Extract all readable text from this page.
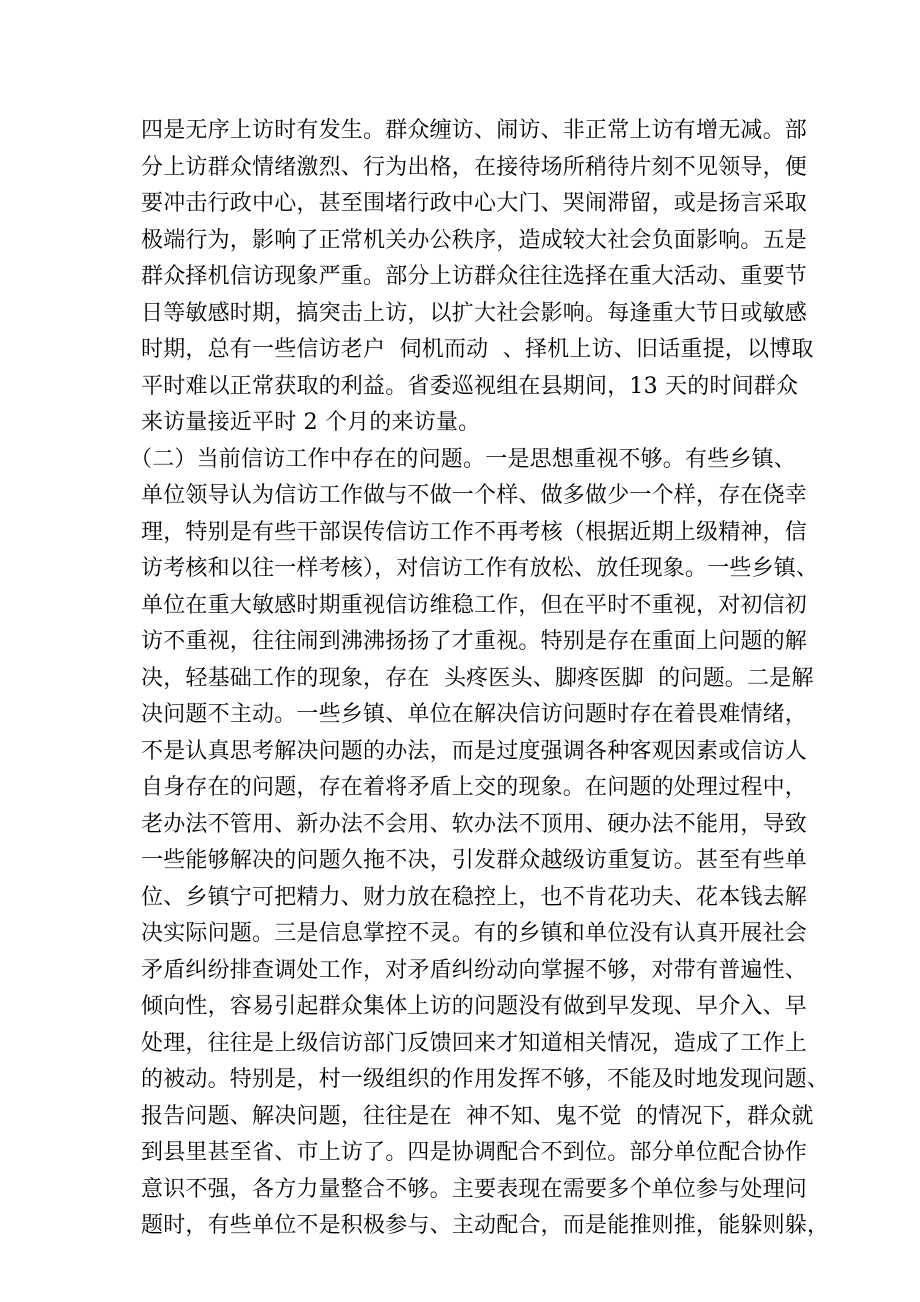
四是无序上访时有发生。群众缠访、闹访、非正常上访有增无减。部
分上访群众情绪激烈、行为出格，在接待场所稍待片刻不见领导，便
要冲击行政中心，甚至围堵行政中心大门、哭闹滞留，或是扬言采取
极端行为，影响了正常机关办公秩序，造成较大社会负面影响。五是
群众择机信访现象严重。部分上访群众往往选择在重大活动、重要节
日等敏感时期，搞突击上访，以扩大社会影响。每逢重大节日或敏感
时期，总有一些信访老户  伺机而动  、择机上访、旧话重提，以博取
平时难以正常获取的利益。省委巡视组在县期间，13 天的时间群众
来访量接近平时 2 个月的来访量。
（二）当前信访工作中存在的问题。一是思想重视不够。有些乡镇、
单位领导认为信访工作做与不做一个样、做多做少一个样，存在侥幸
理，特别是有些干部误传信访工作不再考核（根据近期上级精神，信
访考核和以往一样考核），对信访工作有放松、放任现象。一些乡镇、
单位在重大敏感时期重视信访维稳工作，但在平时不重视，对初信初
访不重视，往往闹到沸沸扬扬了才重视。特别是存在重面上问题的解
决，轻基础工作的现象，存在  头疼医头、脚疼医脚  的问题。二是解
决问题不主动。一些乡镇、单位在解决信访问题时存在着畏难情绪，
不是认真思考解决问题的办法，而是过度强调各种客观因素或信访人
自身存在的问题，存在着将矛盾上交的现象。在问题的处理过程中，
老办法不管用、新办法不会用、软办法不顶用、硬办法不能用，导致
一些能够解决的问题久拖不决，引发群众越级访重复访。甚至有些单
位、乡镇宁可把精力、财力放在稳控上，也不肯花功夫、花本钱去解
决实际问题。三是信息掌控不灵。有的乡镇和单位没有认真开展社会
矛盾纠纷排查调处工作，对矛盾纠纷动向掌握不够，对带有普遍性、
倾向性，容易引起群众集体上访的问题没有做到早发现、早介入、早
处理，往往是上级信访部门反馈回来才知道相关情况，造成了工作上
的被动。特别是，村一级组织的作用发挥不够，不能及时地发现问题、
报告问题、解决问题，往往是在  神不知、鬼不觉  的情况下，群众就
到县里甚至省、市上访了。四是协调配合不到位。部分单位配合协作
意识不强，各方力量整合不够。主要表现在需要多个单位参与处理问
题时，有些单位不是积极参与、主动配合，而是能推则推，能躲则躲，
